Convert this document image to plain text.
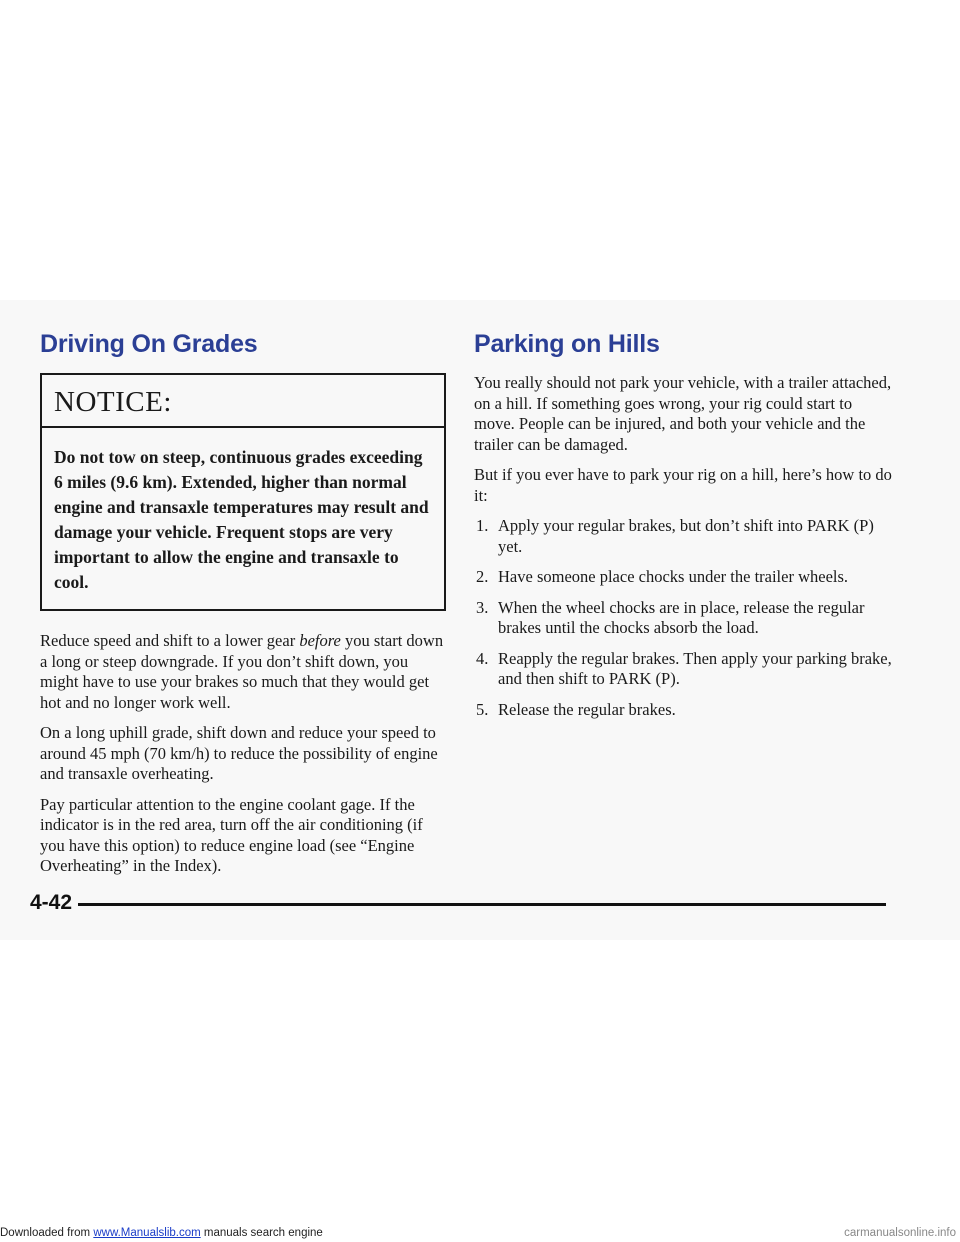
Driving On Grades
NOTICE:
Do not tow on steep, continuous grades exceeding 6 miles (9.6 km). Extended, higher than normal engine and transaxle temperatures may result and damage your vehicle. Frequent stops are very important to allow the engine and transaxle to cool.

Reduce speed and shift to a lower gear before you start down a long or steep downgrade. If you don’t shift down, you might have to use your brakes so much that they would get hot and no longer work well.

On a long uphill grade, shift down and reduce your speed to around 45 mph (70 km/h) to reduce the possibility of engine and transaxle overheating.

Pay particular attention to the engine coolant gage. If the indicator is in the red area, turn off the air conditioning (if you have this option) to reduce engine load (see “Engine Overheating” in the Index).

Parking on Hills

You really should not park your vehicle, with a trailer attached, on a hill. If something goes wrong, your rig could start to move. People can be injured, and both your vehicle and the trailer can be damaged.

But if you ever have to park your rig on a hill, here’s how to do it:

1. Apply your regular brakes, but don’t shift into PARK (P) yet.
2. Have someone place chocks under the trailer wheels.
3. When the wheel chocks are in place, release the regular brakes until the chocks absorb the load.
4. Reapply the regular brakes. Then apply your parking brake, and then shift to PARK (P).
5. Release the regular brakes.
4-42
Downloaded from www.Manualslib.com manuals search engine	carmanualsonline.info
